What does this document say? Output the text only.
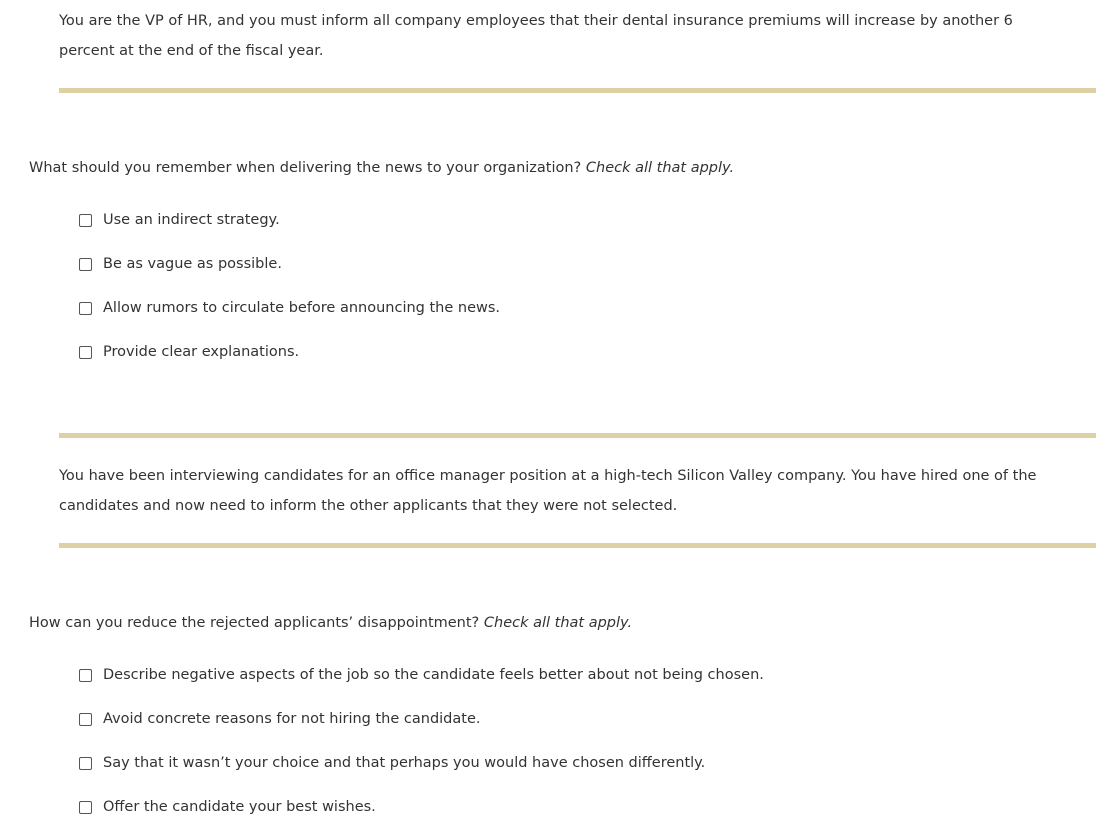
You are the VP of HR, and you must inform all company employees that their dental insurance premiums will increase by another 6 percent at the end of the fiscal year.
What should you remember when delivering the news to your organization? Check all that apply.
Use an indirect strategy.
Be as vague as possible.
Allow rumors to circulate before announcing the news.
Provide clear explanations.
You have been interviewing candidates for an office manager position at a high-tech Silicon Valley company. You have hired one of the candidates and now need to inform the other applicants that they were not selected.
How can you reduce the rejected applicants’ disappointment? Check all that apply.
Describe negative aspects of the job so the candidate feels better about not being chosen.
Avoid concrete reasons for not hiring the candidate.
Say that it wasn’t your choice and that perhaps you would have chosen differently.
Offer the candidate your best wishes.
